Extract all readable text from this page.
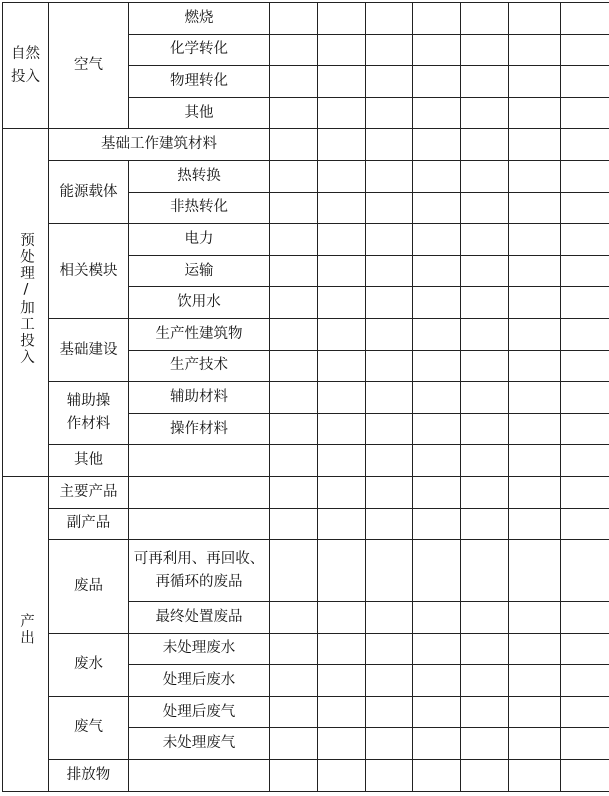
自然投入	空气	燃烧							
		化学转化							
		物理转化							
		其他							
预处理/加工投入	基础工作建筑材料								
	能源载体	热转换							
		非热转化							
	相关模块	电力							
		运输							
		饮用水							
	基础建设	生产性建筑物							
		生产技术							
	辅助操作材料	辅助材料							
		操作材料							
	其他								
产出	主要产品								
	副产品								
	废品	可再利用、再回收、再循环的废品							
		最终处置废品							
	废水	未处理废水							
		处理后废水							
	废气	处理后废气							
		未处理废气							
	排放物								
